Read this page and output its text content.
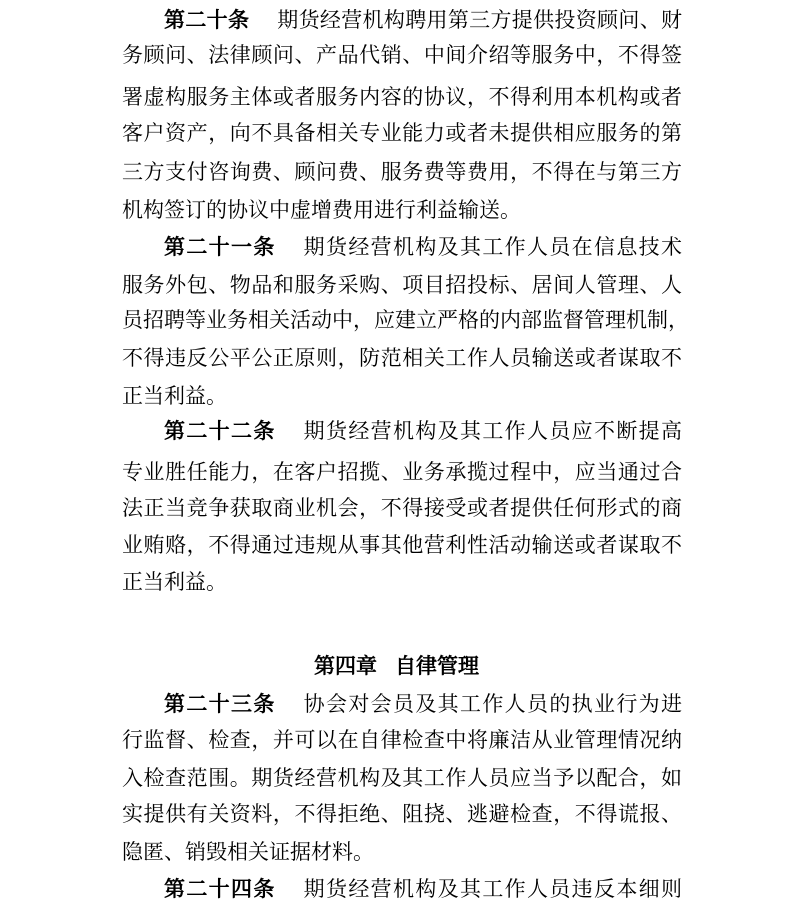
第二十条 期货经营机构聘用第三方提供投资顾问、财
务顾问、法律顾问、产品代销、中间介绍等服务中，不得签
署虚构服务主体或者服务内容的协议，不得利用本机构或者
客户资产，向不具备相关专业能力或者未提供相应服务的第
三方支付咨询费、顾问费、服务费等费用，不得在与第三方
机构签订的协议中虚增费用进行利益输送。
第二十一条 期货经营机构及其工作人员在信息技术
服务外包、物品和服务采购、项目招投标、居间人管理、人
员招聘等业务相关活动中，应建立严格的内部监督管理机制，
不得违反公平公正原则，防范相关工作人员输送或者谋取不
正当利益。
第二十二条 期货经营机构及其工作人员应不断提高
专业胜任能力，在客户招揽、业务承揽过程中，应当通过合
法正当竞争获取商业机会，不得接受或者提供任何形式的商
业贿赂，不得通过违规从事其他营利性活动输送或者谋取不
正当利益。
第四章 自律管理
第二十三条 协会对会员及其工作人员的执业行为进
行监督、检查，并可以在自律检查中将廉洁从业管理情况纳
入检查范围。期货经营机构及其工作人员应当予以配合，如
实提供有关资料，不得拒绝、阻挠、逃避检查，不得谎报、
隐匿、销毁相关证据材料。
第二十四条 期货经营机构及其工作人员违反本细则
